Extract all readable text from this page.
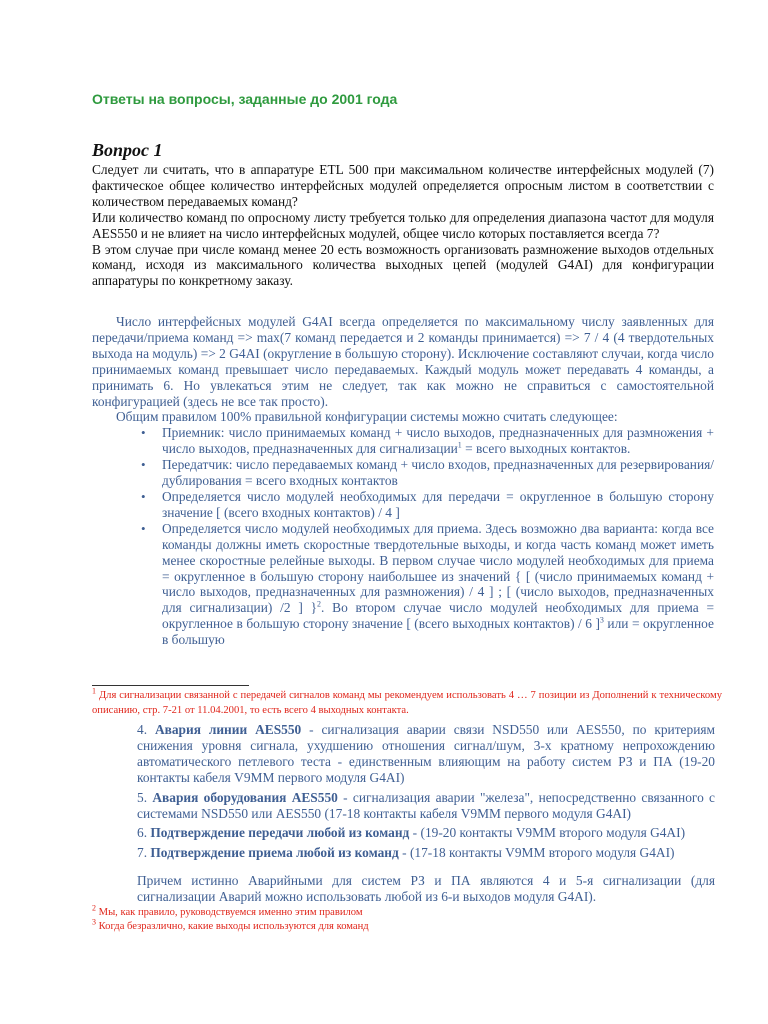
Ответы на вопросы, заданные до 2001 года
Вопрос 1

Следует ли считать, что в аппаратуре ETL 500 при максимальном количестве интерфейсных модулей (7) фактическое общее количество интерфейсных модулей определяется опросным листом в соответствии с количеством передаваемых команд?

Или количество команд по опросному листу требуется только для определения диапазона частот для модуля AES550 и не влияет на число интерфейсных модулей, общее число которых поставляется всегда 7?

В этом случае при числе команд менее 20 есть возможность организовать размножение выходов отдельных команд, исходя из максимального количества выходных цепей (модулей G4AI) для конфигурации аппаратуры по конкретному заказу.

Число интерфейсных модулей G4AI всегда определяется по максимальному числу заявленных для передачи/приема команд => max(7 команд передается и 2 команды принимается) => 7 / 4 (4 твердотельных выхода на модуль) => 2 G4AI (округление в большую сторону). Исключение составляют случаи, когда число принимаемых команд превышает число передаваемых. Каждый модуль может передавать 4 команды, а принимать 6. Но увлекаться этим не следует, так как можно не справиться с самостоятельной конфигурацией (здесь не все так просто).

Общим правилом 100% правильной конфигурации системы можно считать следующее:

• Приемник: число принимаемых команд + число выходов, предназначенных для размножения + число выходов, предназначенных для сигнализации$^1$ = всего выходных контактов.
• Передатчик: число передаваемых команд + число входов, предназначенных для резервирования/дублирования = всего входных контактов
• Определяется число модулей необходимых для передачи = округленное в большую сторону значение [ (всего входных контактов) / 4 ]
• Определяется число модулей необходимых для приема. Здесь возможно два варианта: когда все команды должны иметь скоростные твердотельные выходы, и когда часть команд может иметь менее скоростные релейные выходы. В первом случае число модулей необходимых для приема = округленное в большую сторону наибольшее из значений { [ (число принимаемых команд + число выходов, предназначенных для размножения) / 4 ] ; [ (число выходов, предназначенных для сигнализации) /2 ] }$^2$. Во втором случае число модулей необходимых для приема = округленное в большую сторону значение [ (всего выходных контактов) / 6 ]$^3$ или = округленное в большую

$^1$ Для сигнализации связанной с передачей сигналов команд мы рекомендуем использовать 4 … 7 позиции из Дополнений к техническому описанию, стр. 7-21 от 11.04.2001, то есть всего 4 выходных контакта.

4. Авария линии AES550 - сигнализация аварии связи NSD550 или AES550, по критериям снижения уровня сигнала, ухудшению отношения сигнал/шум, 3-х кратному непрохождению автоматического петлевого теста - единственным влияющим на работу систем РЗ и ПА (19-20 контакты кабеля V9MM первого модуля G4AI)

5. Авария оборудования AES550 - сигнализация аварии "железа", непосредственно связанного с системами NSD550 или AES550 (17-18 контакты кабеля V9MM первого модуля G4AI)

6. Подтверждение передачи любой из команд - (19-20 контакты V9MM второго модуля G4AI)

7. Подтверждение приема любой из команд - (17-18 контакты V9MM второго модуля G4AI)

Причем истинно Аварийными для систем РЗ и ПА являются 4 и 5-я сигнализации (для сигнализации Аварий можно использовать любой из 6-и выходов модуля G4AI).

$^2$ Мы, как правило, руководствуемся именно этим правилом
$^3$ Когда безразлично, какие выходы используются для команд
